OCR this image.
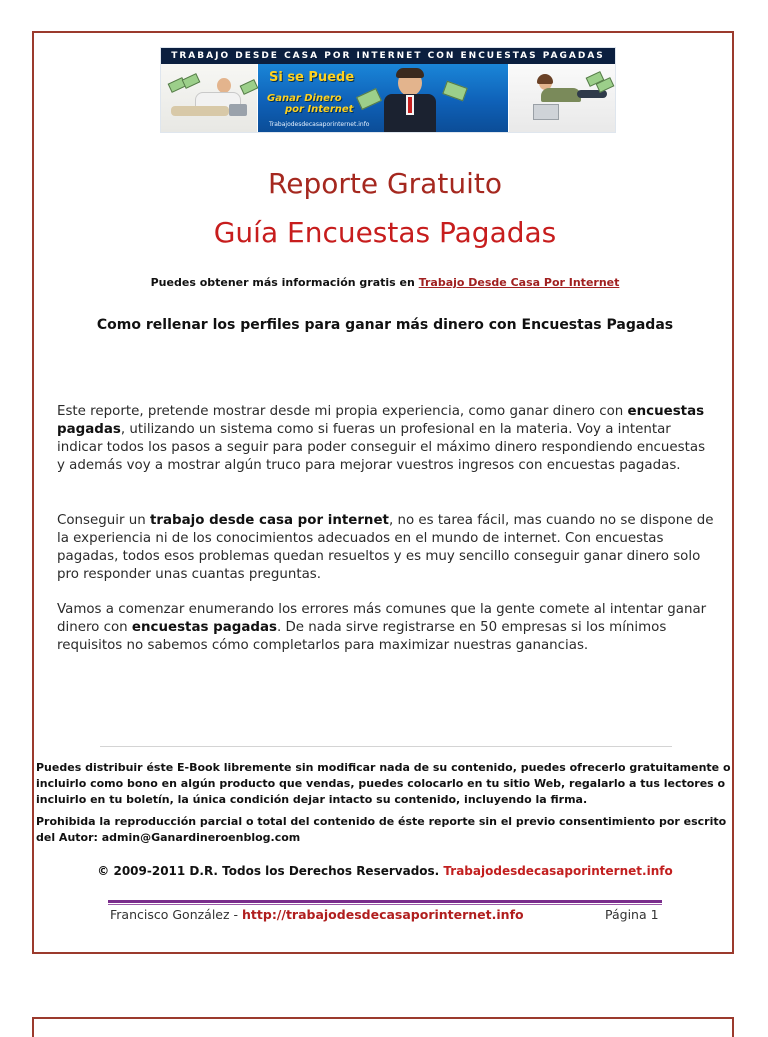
TRABAJO DESDE CASA POR INTERNET CON ENCUESTAS PAGADAS
Si se Puede
Ganar Dinero
por Internet
Trabajodesdecasaporinternet.info
Reporte Gratuito
Guía Encuestas Pagadas
Puedes obtener más información gratis en Trabajo Desde Casa Por Internet
Como rellenar los perfiles para ganar más dinero con Encuestas Pagadas
Este reporte, pretende mostrar desde mi propia experiencia, como ganar dinero con encuestas pagadas, utilizando un sistema como si fueras un profesional en la materia. Voy a intentar indicar todos los pasos a seguir para poder conseguir el máximo dinero respondiendo encuestas y además voy a mostrar algún truco para mejorar vuestros ingresos con encuestas pagadas.
Conseguir un trabajo desde casa por internet, no es tarea fácil, mas cuando no se dispone de la experiencia ni de los conocimientos adecuados en el mundo de internet. Con encuestas pagadas, todos esos problemas quedan resueltos y es muy sencillo conseguir ganar dinero solo pro responder unas cuantas preguntas.
Vamos a comenzar enumerando los errores más comunes que la gente comete al intentar ganar dinero con encuestas pagadas. De nada sirve registrarse en 50 empresas si los mínimos requisitos no sabemos cómo completarlos para maximizar nuestras ganancias.
Puedes distribuir éste E-Book libremente sin modificar nada de su contenido, puedes ofrecerlo gratuitamente o incluirlo como bono en algún producto que vendas, puedes colocarlo en tu sitio Web, regalarlo a tus lectores o incluirlo en tu boletín, la única condición dejar intacto su contenido, incluyendo la firma.
Prohibida la reproducción parcial o total del contenido de éste reporte sin el previo consentimiento por escrito del Autor: admin@Ganardineroenblog.com
© 2009-2011 D.R. Todos los Derechos Reservados. Trabajodesdecasaporinternet.info
Francisco González - http://trabajodesdecasaporinternet.info	Página 1
